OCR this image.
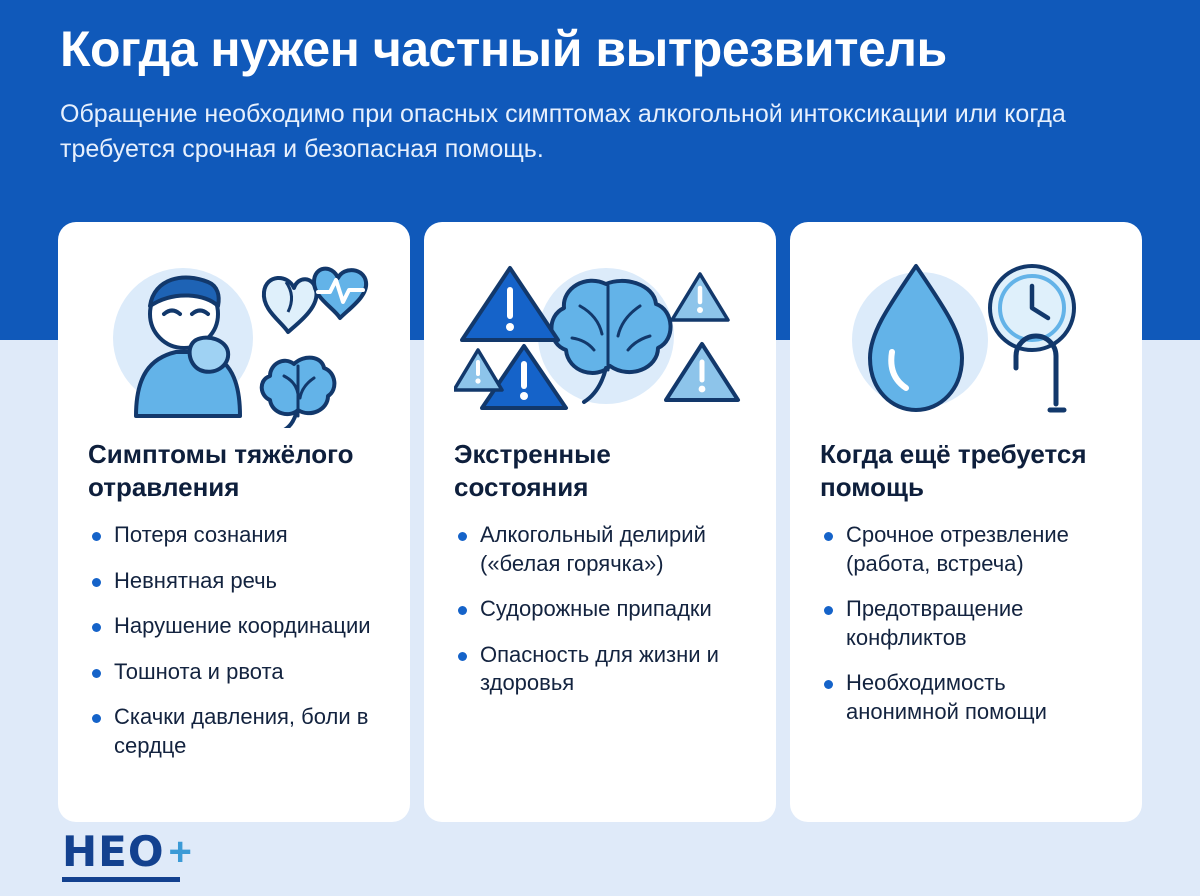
Когда нужен частный вытрезвитель
Обращение необходимо при опасных симптомах алкогольной интоксикации или когда требуется срочная и безопасная помощь.
Симптомы тяжёлого отравления
Потеря сознания
Невнятная речь
Нарушение координации
Тошнота и рвота
Скачки давления, боли в сердце
Экстренные состояния
Алкогольный делирий («белая горячка»)
Судорожные припадки
Опасность для жизни и здоровья
Когда ещё требуется помощь
Срочное отрезвление (работа, встреча)
Предотвращение конфликтов
Необходимость анонимной помощи
HEO +
